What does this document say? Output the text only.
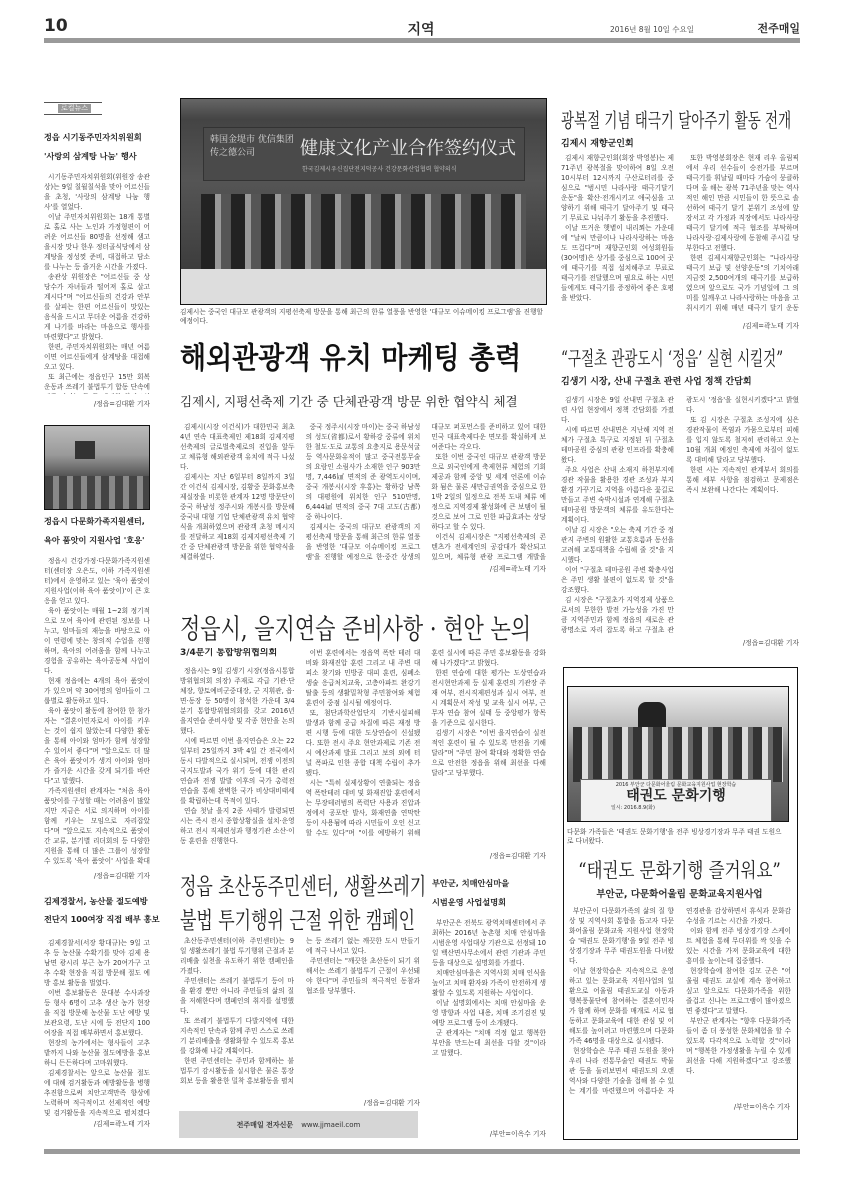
10	지역	2016년 8월 10일 수요일	전주매일
로컬뉴스
정읍 시기동주민자치위원회
'사랑의 삼계탕 나눔' 행사

시기동주민자치위원회(위원장 송관상)는 9일 칠월칠석을 맞아 어르신들을 초청, '사랑의 삼계탕 나눔 행사'를 열었다.

이날 주민자치위원회는 18개 통별로 홀로 사는 노인과 가정형편이 어려운 어르신들 80명을 선정해 샘고을시장 맛나 한우 정터골식당에서 삼계탕을 정성껏 준비, 대접하고 담소를 나누는 등 즐거운 시간을 가졌다.

송관상 위원장은 "어르신들 중 상당수가 자녀들과 떨어져 홀로 살고 계시다"며 "어르신들의 건강과 안부를 살피는 한편 어르신들이 맛있는 음식을 드시고 무더운 여름을 건강하게 나기를 바라는 마음으로 행사를 마련했다"고 밝혔다.

한편, 주민자치위원회는 매년 여름이면 어르신들에게 삼계탕을 대접해 오고 있다.

또 최근에는 정읍인구 15만 회복 운동과 쓰레기 불법투기 합동 단속에

/정읍=김대환 기자
정읍시 다문화가족지원센터,
육아 품앗이 지원사업 '호응'

정읍시 건강가정·다문화가족지원센터(센터장 오은도, 이하 가족지원센터)에서 운영하고 있는 '육아 품앗이 지원사업(이하 육아 품앗이)'이 큰 호응을 얻고 있다.

육아 품앗이는 매월 1~2회 정기적으로 모여 육아에 관련된 정보를 나누고, 엄마들의 재능을 바탕으로 아이 연령에 맞는 창의적 수업을 진행하며, 육아의 어려움을 함께 나누고 경험을 공유하는 육아공동체 사업이다.

현재 정읍에는 4개의 육아 품앗이가 있으며 약 30여명의 엄마들이 그룹별로 활동하고 있다.

육아 품앗이 활동에 참여한 한 참가자는 "결혼이민자로서 아이를 키우는 것이 쉽지 않았는데 다양한 활동을 통해 아이와 엄마가 함께 성장할 수 있어서 좋다"며 "앞으로도 더 많은 육아 품앗이가 생겨 아이와 엄마가 즐거운 시간을 갖게 되기를 바란다"고 말했다.

가족지원센터 관계자는 "처음 육아 품앗이를 구성할 때는 어려움이 많았지만 지금은 서로 의지하며 아이를 함께 키우는 모임으로 자리잡았다"며 "앞으로도 지속적으로 품앗이 간 교류, 분기별 리더회의 등 다양한 지원을 통해 더 많은 그룹이 성장할 수 있도록 '육아 품앗이' 사업을 확대

/정읍=김대환 기자
김제경찰서, 농산물 절도예방
전단지 100여장 직접 배부 홍보

김제경찰서(서장 황대규)는 9일 고추 등 농산물 수확기를 맞아 김제 용남면 광시리 부근 농가 20여가구 고추 수확 현장을 직접 방문해 절도 예방 홍보 활동을 벌였다.

이번 홍보활동은 문대봉 수사과장 등 형사 6명이 고추 생산 농가 현장을 직접 방문해 농산물 도난 예방 및 보관요령, 도난 시에 등 전단지 100여장을 직접 배부하면서 홍보했다.

현장의 농가에서는 형사들이 고추밭까지 나와 농산물 절도예방을 홍보하니 든든하다며 고마워했다.

김제경찰서는 앞으로 농산물 절도에 대해 검거활동과 예방활동을 병행 추진함으로써 치안고객만족 향상에 노력하며 적극적이고 선제적인 예방 및 검거활동을 지속적으로 펼치겠다

/김제=곽노태 기자
韩国金堤市 优信集团传之德公司	健康文化产业合作签约仪式
한국김제시우신집단전지덕공사 건강문화산업협력 협약의식
김제시는 중국인 대규모 관광객의 지평선축제 방문을 통해 최근의 한류 열풍을 반영한 '대규모 이슈메이킹 프로그램'을 진행할 예정이다.
해외관광객 유치 마케팅 총력
김제시, 지평선축제 기간 중 단체관광객 방문 위한 협약식 체결

김제시(시장 이건식)가 대한민국 최초 4년 연속 대표축제인 제18회 김제지평선축제의 글로벌축제로의 진입을 앞두고 체류형 해외관광객 유치에 적극 나섰다.

김제시는 지난 6일부터 8일까지 3일간 이건식 김제시장, 김황중 문화홍보축제실장을 비롯한 관계자 12명 방문단이 중국 하남성 정주시와 개봉시를 방문해 중국내 대형 기업 단체관광객 유치 협약식을 개최하였으며 관광객 초청 메시지를 전달하고 제18회 김제지평선축제 기간 중 단체관광객 방문을 위한 협약식을 체결하였다.

중국 정주시(시장 마이)는 중국 하남성의 성도(省都)로서 황하강 중류에 위치한 철도·도로 교통의 요충지로 용문석굴 등 역사문화유적이 많고 중국전통무술의 요람인 소림사가 소재한 인구 903만명, 7,446㎢ 면적의 준 광역도시이며, 중국 개봉시(시장 후홍)는 황하강 남쪽의 대평원에 위치한 인구 510만명, 6,444㎢ 면적의 중국 7대 고도(古都) 중 하나이다.

김제시는 중국의 대규모 관광객의 지평선축제 방문을 통해 최근의 한류 열풍을 반영한 '대규모 이슈메이킹 프로그램'을 진행할 예정으로 한·중간 상생의 대규모 퍼포먼스를 준비하고 있어 대한민국 대표축제다운 면모를 확실하게 보여준다는 각오다.

또한 이번 중국인 대규모 관광객 방문으로 외국인에게 축제현류 체험의 기회 제공과 함께 중앙 및 세계 언론에 이슈화 됨은 물론 새만금권역을 중심으로 한 1박 2일의 일정으로 전북 도내 체류 예정으로 지역경제 활성화에 큰 보탬이 될 것으로 보여 그로 인한 파급효과는 상당하다고 할 수 있다.

이건식 김제시장은 "지평선축제의 콘텐츠가 전세계인의 공감대가 확산되고 있으며, 체류형 관광 프로그램 개발을

/김제=곽노태 기자
정읍시, 을지연습 준비사항 · 현안 논의
3/4분기 통합방위협의회

정읍시는 9일 김생기 시장(정읍시통합방위협의회 의장) 주재로 각급 기관·단체장, 향토예비군중대장, 군 지휘관, 읍·면·동장 등 50명이 참석한 가운데 3/4분기 통합방위협의회를 갖고 2016년 을지연습 준비사항 및 각종 현안을 논의했다.

시에 따르면 이번 을지연습은 오는 22일부터 25일까지 3박 4일 간 전국에서 동시 다발적으로 실시되며, 전쟁 이전의 국지도발과 국가 위기 등에 대한 관리 연습과 전쟁 발발 이후의 국가 총력전 연습을 통해 완벽한 국가 비상대비태세를 확립하는데 목적이 있다.

연습 첫날 을지 2종 사태가 발령되면 시는 즉시 전시 종합상황실을 설치·운영하고 전시 직제편성과 행정기관 소산·이동 훈련을 진행한다.

이번 훈련에서는 정읍역 폭탄 테러 대비와 화재진압 훈련 그리고 내 주변 대피소 찾기와 민방공 대피 훈련, 심폐소생술 응급처치교육, 고층아파트 완강기 탈출 등의 생활밀착형 주민참여와 체험훈련이 중점 실시될 예정이다.

또, 첨단과학산업단지 기반시설피해 발생과 함께 공급 차질에 따른 재정 방편 시행 등에 대한 도상연습이 신설됐다. 또한 전시 주요 현안과제로 기존 전시 예산과제 발표 그리고 보의 외에 터널 폭파로 인한 종합 대책 수립이 추가됐다.

시는 "특히 실제상황이 연출되는 정읍역 폭탄테러 대비 및 화재진압 훈련에서는 무장테러범의 폭력단 사용과 진압과정에서 공포탄 발사, 화재연출 연막탄 등이 사용됨에 따라 시민들이 오인 신고할 수도 있다"며 "이를 예방하기 위해 훈련 실시에 따른 주민 홍보활동을 강화해 나가겠다"고 밝혔다.

한편 연습에 대한 평가는 도상연습과 전시현안과제 등 실제 훈련의 기관장 주재 여부, 전시직제편성과 실시 여부, 전시 계획문서 작성 및 교육 실시 여부, 근무자 연습 참여 실태 등 중앙평가 항목을 기준으로 실시한다.

김생기 시장은 "이번 을지연습이 실전적인 훈련이 될 수 있도록 만전을 기해 달라"며 "주민 참여 확대와 정확한 연습으로 안전한 정읍을 위해 최선을 다해 달라"고 당부했다.

/정읍=김대환 기자
정읍 초산동주민센터, 생활쓰레기
불법 투기행위 근절 위한 캠페인

초산동주민센터(이하 주민센터)는 9일 생활쓰레기 불법 투기행위 근절과 분리배출 실천을 유도하기 위한 캠페인을 가졌다.

주민센터는 쓰레기 불법투기 등이 마을 환경 뿐만 아니라 주민들의 삶의 질을 저해한다며 캠페인의 취지를 설명했다.

또 쓰레기 불법투기 다발지역에 대한 지속적인 단속과 함께 주민 스스로 쓰레기 분리배출을 생활화할 수 있도록 홍보를 강화해 나갈 계획이다.

한편 주민센터는 주민과 함께하는 불법투기 감시활동을 실시함은 물론 통장회보 등을 활용한 밀착 홍보활동을 펼치는 등 쓰레기 없는 깨끗한 도시 만들기에 적극 나서고 있다.

주민센터는 "깨끗한 초산동이 되기 위해서는 쓰레기 불법투기 근절이 우선돼야 한다"며 주민들의 적극적인 동참과 협조를 당부했다.

/정읍=김대환 기자
전주매일 전자신문 www.jjmaeil.com
부안군, 치매안심마을
시범운영 사업설명회

부안군은 전북도 광역치매센터에서 주최하는 2016년 농촌형 치매 안심마을 시범운영 사업대상 기관으로 선정돼 10일 백산면사무소에서 관련 기관과 주민 등을 대상으로 설명회를 가졌다.

치매안심마을은 지역사회 치매 인식을 높이고 치매 환자와 가족이 안전하게 생활할 수 있도록 지원하는 사업이다.

이날 설명회에서는 치매 안심마을 운영 방향과 사업 내용, 치매 조기검진 및 예방 프로그램 등이 소개됐다.

군 관계자는 "치매 걱정 없고 행복한 부안을 만드는데 최선을 다할 것"이라고 말했다.

/부안=이옥수 기자
광복절 기념 태극기 달아주기 활동 전개
김제시 재향군인회

김제시 재향군인회(회장 박영봉)는 제71주년 광복절을 맞이하여 8일 오전 10시부터 12시까지 구산로터리를 중심으로 "범시민 나라사랑 태극기달기 운동"을 확산·전개시키고 애국심을 고양하기 위해 태극기 달아주기 및 태극기 무료로 나눠주기 활동을 추진했다.

이날 뜨거운 햇볕이 내리쬐는 가운데에 "날씨 만큼이나 나라사랑하는 마음도 뜨겁다"며 재향군인회 여성회원들(30여명)은 상가를 중심으로 100여 곳에 태극기를 직접 설치해주고 무료로 태극기를 전달했으며 필요로 하는 시민들에게도 태극기를 증정하여 좋은 호평을 받았다.

또한 박영봉회장은 현재 리우 올림픽에서 우리 선수들이 승전가를 부르며 태극기를 휘날릴 때마다 가슴이 뭉클하다며 올 해는 광복 71주년을 맞는 역사적인 해인 만큼 시민들이 한 뜻으로 솔선하여 태극기 달기 분위기 조성에 앞장서고 각 가정과 직장에서도 나라사랑 태극기 달기에 적극 협조를 부탁하며 나라사랑·김제사랑에 동참해 주시길 당부한다고 전했다.

한편 김제시재향군인회는 "나라사랑 태극기 보급 및 선양운동"의 기치아래 지금껏 2,500여개의 태극기를 보급하였으며 앞으로도 국가 기념일에 그 의미를 일깨우고 나라사랑하는 마음을 고취시키기 위해 매년 태극기 달기 운동

/김제=곽노태 기자
“구절초 관광도시 ‘정읍’ 실현 시킬것”
김생기 시장, 산내 구절초 관련 사업 정책 간담회

김생기 시장은 9일 산내면 구절초 관련 사업 현장에서 정책 간담회를 가졌다.

시에 따르면 산내면은 지난해 지역 전체가 구절초 특구로 지정된 뒤 구절초 테마공원 중심의 관광 인프라를 확충해 왔다.

주요 사업은 산내 소재지 하천부지에 경관 작물을 활용한 경관 조성과 부지환경 가꾸기로 지역을 아름다운 꽃길로 만들고 주변 숙박시설과 연계해 구절초 테마공원 방문객의 체류를 유도한다는 계획이다.

이날 김 시장은 "오는 축제 기간 중 정관지 주변의 원활한 교통흐름과 동선을 고려해 교통대책을 수립해 줄 것"을 지시했다.

이어 "구절초 테마공원 주변 확충사업은 주민 생활 불편이 없도록 할 것"을 강조했다.

김 시장은 "구절초가 지역경제 상품으로서의 무한한 발전 가능성을 가진 만큼 지역주민과 함께 정읍의 새로운 관광명소로 자리 잡도록 하고 구절초 관광도시 '정읍'을 실현시키겠다"고 밝혔다.

또 김 시장은 구절초 조성지에 심은 경관작물이 폭염과 가뭄으로부터 피해를 입지 않도록 철저히 관리하고 오는 10월 개최 예정인 축제에 차질이 없도록 대비해 달라고 당부했다.

한편 시는 지속적인 관계부서 회의를 통해 세부 사항을 점검하고 문제점은 즉시 보완해 나간다는 계획이다.

/정읍=김대환 기자
2016 부안군 다문화어울림 문화교육지원사업 현장학습
태권도 문화기행
일시: 2016.8.9(화)
다문화 가족들은 '태권도 문화기행'을 전주 빙상경기장과 무주 태권 도원으로 다녀왔다.
“태권도 문화기행 즐거워요”
부안군, 다문화어울림 문화교육지원사업

부안군이 다문화가족의 삶의 질 향상 및 지역사회 통합을 돕고자 다문화어울림 문화교육 지원사업 현장학습 '태권도 문화기행'을 9일 전주 빙상경기장과 무주 태권도원을 다녀왔다.

이날 현장학습은 지속적으로 운영하고 있는 문화교육 지원사업의 일환으로 어울림 태권도교실 아동과 행복풍물단에 참여하는 결혼이민자가 함께 하며 문화를 매개로 서로 협동하고 문화교육에 대한 관심 및 이해도를 높이려고 마련했으며 다문화가족 46명을 대상으로 실시됐다.

현장학습은 무주 태권 도원을 찾아 우리 나라 전통무술인 태권도 박물관 등을 둘러보면서 태권도의 오랜 역사와 다양한 기술을 접해 볼 수 있는 계기를 마련했으며 아름다운 자연경관을 감상하면서 휴식과 문화감수성을 기르는 시간을 가졌다.

이와 함께 전주 빙상경기장 스케이트 체험을 통해 무더위를 싹 잊을 수 있는 시간을 가져 문화교육에 대한 흥미를 높이는데 집중했다.

현장학습에 참여한 김모 군은 "어울림 태권도 교실에 계속 참여하고 싶고 앞으로도 다문화가족을 위한 즐겁고 신나는 프로그램이 많아졌으면 좋겠다"고 말했다.

부안군 관계자는 "향후 다문화가족들이 좀 더 풍성한 문화체험을 할 수 있도록 다각적으로 노력할 것"이라며 "행복한 가정생활을 누릴 수 있게 최선을 다해 지원하겠다"고 강조했다.

/부안=이옥수 기자
